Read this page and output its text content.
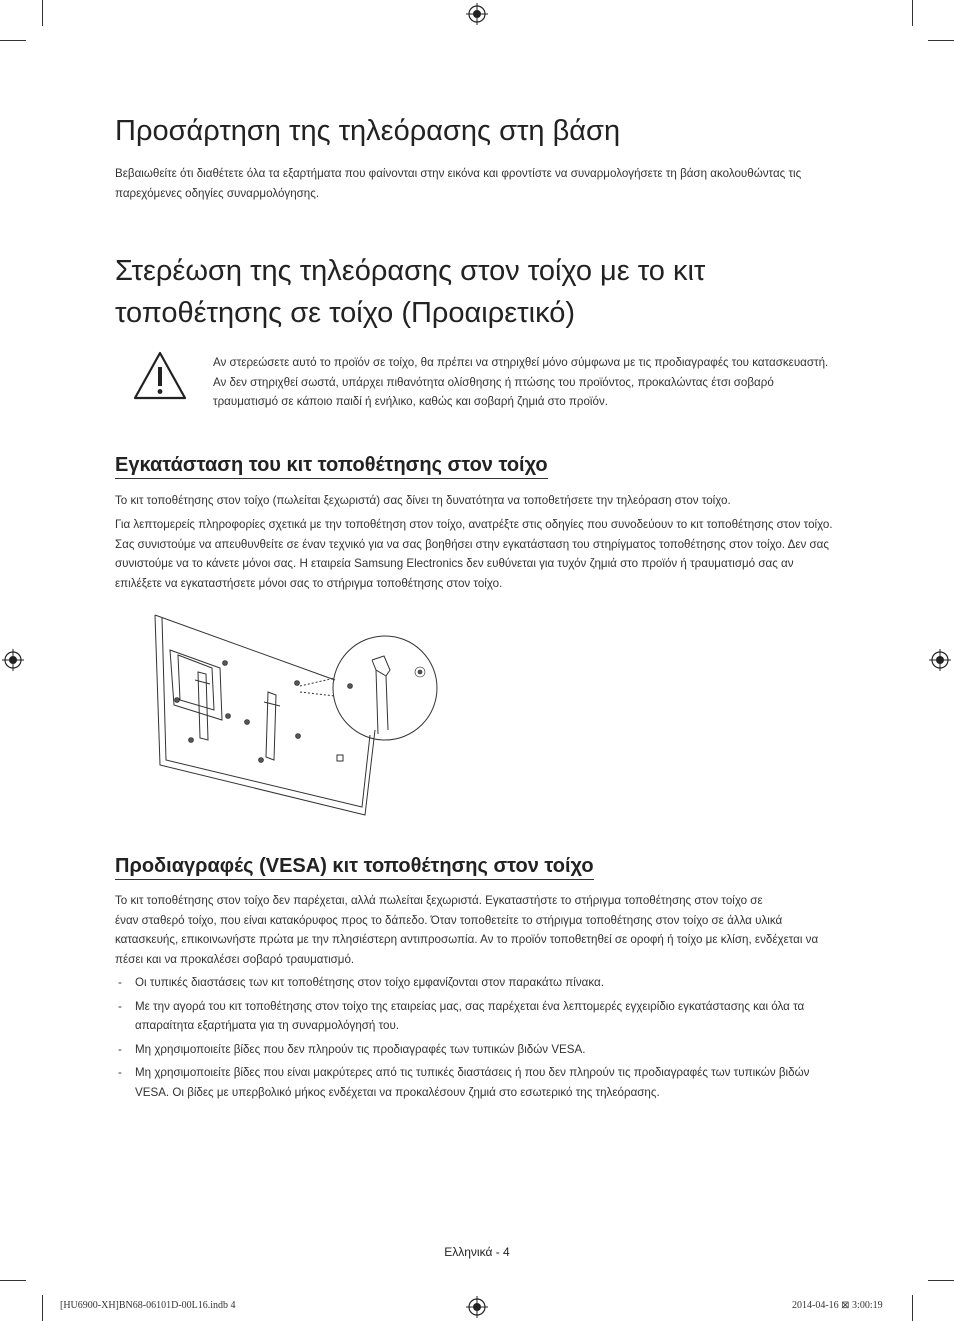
Προσάρτηση της τηλεόρασης στη βάση

Βεβαιωθείτε ότι διαθέτετε όλα τα εξαρτήματα που φαίνονται στην εικόνα και φροντίστε να συναρμολογήσετε τη βάση ακολουθώντας τις παρεχόμενες οδηγίες συναρμολόγησης.

Στερέωση της τηλεόρασης στον τοίχο με το κιτ
τοποθέτησης σε τοίχο (Προαιρετικό)

Αν στερεώσετε αυτό το προϊόν σε τοίχο, θα πρέπει να στηριχθεί μόνο σύμφωνα με τις προδιαγραφές του κατασκευαστή. Αν δεν στηριχθεί σωστά, υπάρχει πιθανότητα ολίσθησης ή πτώσης του προϊόντος, προκαλώντας έτσι σοβαρό τραυματισμό σε κάποιο παιδί ή ενήλικο, καθώς και σοβαρή ζημιά στο προϊόν.

Εγκατάσταση του κιτ τοποθέτησης στον τοίχο

Το κιτ τοποθέτησης στον τοίχο (πωλείται ξεχωριστά) σας δίνει τη δυνατότητα να τοποθετήσετε την τηλεόραση στον τοίχο.

Για λεπτομερείς πληροφορίες σχετικά με την τοποθέτηση στον τοίχο, ανατρέξτε στις οδηγίες που συνοδεύουν το κιτ τοποθέτησης στον τοίχο. Σας συνιστούμε να απευθυνθείτε σε έναν τεχνικό για να σας βοηθήσει στην εγκατάσταση του στηρίγματος τοποθέτησης στον τοίχο. Δεν σας συνιστούμε να το κάνετε μόνοι σας. Η εταιρεία Samsung Electronics δεν ευθύνεται για τυχόν ζημιά στο προϊόν ή τραυματισμό σας αν επιλέξετε να εγκαταστήσετε μόνοι σας το στήριγμα τοποθέτησης στον τοίχο.

Προδιαγραφές (VESA) κιτ τοποθέτησης στον τοίχο

Το κιτ τοποθέτησης στον τοίχο δεν παρέχεται, αλλά πωλείται ξεχωριστά. Εγκαταστήστε το στήριγμα τοποθέτησης στον τοίχο σε
έναν σταθερό τοίχο, που είναι κατακόρυφος προς το δάπεδο. Όταν τοποθετείτε το στήριγμα τοποθέτησης στον τοίχο σε άλλα υλικά κατασκευής, επικοινωνήστε πρώτα με την πλησιέστερη αντιπροσωπία. Αν το προϊόν τοποθετηθεί σε οροφή ή τοίχο με κλίση, ενδέχεται να πέσει και να προκαλέσει σοβαρό τραυματισμό.

- Οι τυπικές διαστάσεις των κιτ τοποθέτησης στον τοίχο εμφανίζονται στον παρακάτω πίνακα.
- Με την αγορά του κιτ τοποθέτησης στον τοίχο της εταιρείας μας, σας παρέχεται ένα λεπτομερές εγχειρίδιο εγκατάστασης και όλα τα απαραίτητα εξαρτήματα για τη συναρμολόγησή του.
- Μη χρησιμοποιείτε βίδες που δεν πληρούν τις προδιαγραφές των τυπικών βιδών VESA.
- Μη χρησιμοποιείτε βίδες που είναι μακρύτερες από τις τυπικές διαστάσεις ή που δεν πληρούν τις προδιαγραφές των τυπικών βιδών VESA. Οι βίδες με υπερβολικό μήκος ενδέχεται να προκαλέσουν ζημιά στο εσωτερικό της τηλεόρασης.
Ελληνικά - 4
[HU6900-XH]BN68-06101D-00L16.indb 4	2014-04-16 ⊠ 3:00:19
